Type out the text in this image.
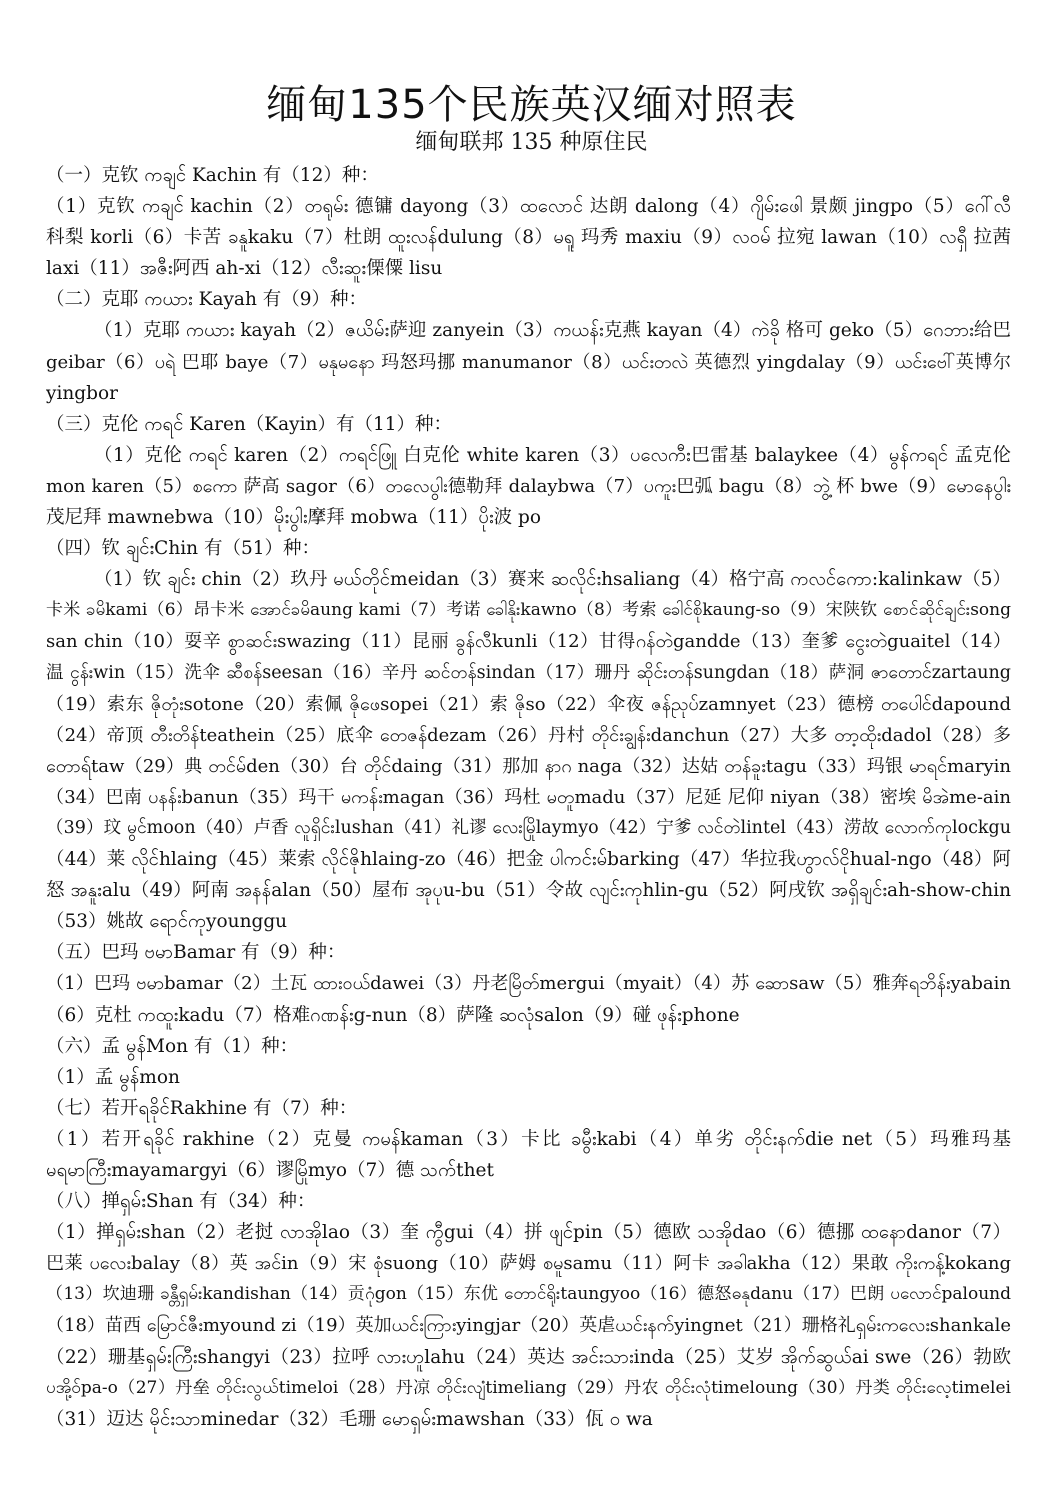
缅甸135个民族英汉缅对照表
缅甸联邦 135 种原住民
（一）克钦 ကချင် Kachin 有（12）种：
（1）克钦 ကချင် kachin（2）တရုမ်း 德镛 dayong（3）ထလောင် 达朗 dalong（4）ဂျိမ်းဖေါ 景颇 jingpo（5）ဂေါ်လီ
科梨 korli（6）卡苦 ခနူkaku（7）杜朗 ထူးလန်dulung（8）မရူ 玛秀 maxiu（9）လဝမ် 拉宛 lawan（10）လရှီ 拉茜
laxi（11）အဇီး阿西 ah-xi（12）လီးဆူး傈僳 lisu
（二）克耶 ကယား Kayah 有（9）种：
（1）克耶 ကယား kayah（2）ဇယိမ်း萨迎 zanyein（3）ကယန်း克燕 kayan（4）ကဲခို 格可 geko（5）ဂေဘား给巴
geibar（6）ပရဲ 巴耶 baye（7）မနုမနော 玛怒玛挪 manumanor（8）ယင်းတလဲ 英德烈 yingdalay（9）ယင်းဗေါ်英博尔
yingbor
（三）克伦 ကရင် Karen（Kayin）有（11）种：
（1）克伦 ကရင် karen（2）ကရင်ဖြူ 白克伦 white karen（3）ပလေကီး巴雷基 balaykee（4）မွန်ကရင် 孟克伦
mon karen（5）စကော 萨高 sagor（6）တလေပွါး德勒拜 dalaybwa（7）ပကူး巴弧 bagu（8）ဘွဲ့ 杯 bwe（9）မောနေပွါး
茂尼拜 mawnebwa（10）မိုးပွါး摩拜 mobwa（11）ပိုး波 po
（四）钦 ချင်းChin 有（51）种：
（1）钦 ချင်း chin（2）玖丹 မယ်တိုင်meidan（3）赛来 ဆလိုင်းhsaliang（4）格宁高 ကလင်ကော:kalinkaw（5）
卡米 ခမိkami（6）昂卡米 အောင်ခမိaung kami（7）考诺 ခေါနိုးkawno（8）考索 ခေါင်စိုkaung-so（9）宋陕钦 စောင်ဆိုင်ချင်းsong
san chin（10）耍辛 စွာဆင်းswazing（11）昆丽 ခွန်လီkunli（12）甘得ဂန်တဲgandde（13）奎爹 ငွေးတဲguaitel（14）
温 ငွန်းwin（15）洗伞 ဆီစန်seesan（16）辛丹 ဆင်တန်sindan（17）珊丹 ဆိုင်းတန်sungdan（18）萨洞 ဇာတောင်zartaung
（19）索东 ဇိုတုံးsotone（20）索佩 ဇိုဖေsopei（21）索 ဇိုso（22）伞夜 ဇန်ညုပ်zamnyet（23）德榜 တပေါင်dapound
（24）帝顶 တီးတိန်teathein（25）底伞 တေဇန်dezam（26）丹村 တိုင်းချွန်းdanchun（27）大多 တာ့ထိုးdadol（28）多
တောရ်taw（29）典 တင်မ်den（30）台 တိုင်daing（31）那加 နာဂ naga（32）达姑 တန်ခူးtagu（33）玛银 မာရင်maryin
（34）巴南 ပနန်းbanun（35）玛干 မကန်းmagan（36）玛杜 မတူmadu（37）尼延 尼仰 niyan（38）密埃 မိအဲme-ain
（39）玟 မွင်moon（40）卢香 လူရှိင်းlushan（41）礼谬 လေးမြိုlaymyo（42）宁爹 လင်တဲlintel（43）涝故 လောက်ကုlockgu
（44）莱 လိုင်hlaing（45）莱索 လိုင်ဇိုhlaing-zo（46）把金 ပါကင်းမ်barking（47）华拉我ဟွာလ်ငိုhual-ngo（48）阿
怒 အနူးalu（49）阿南 အနန်alan（50）屋布 အုပုu-bu（51）令故 လျင်းကုhlin-gu（52）阿戌钦 အရှိချင်းah-show-chin
（53）姚故 ရောင်ကုyounggu
（五）巴玛 ဗမာBamar 有（9）种：
（1）巴玛 ဗမာbamar（2）土瓦 ထားဝယ်dawei（3）丹老မြိတ်mergui（myait）（4）苏 ဆောsaw（5）雅奔ရဘိန်းyabain
（6）克杜 ကထူးkadu（7）格难ဂဏန်းg-nun（8）萨隆 ဆလုံsalon（9）碰 ဖုန်းphone
（六）孟 မွန်Mon 有（1）种：
（1）孟 မွန်mon
（七）若开ရခိုင်Rakhine 有（7）种：
（1）若开ရခိုင် rakhine（2）克曼 ကမန်kaman（3）卡比 ခမွီးkabi（4）单劣 တိုင်းနက်die net（5）玛雅玛基
မရမာကြီးmayamargyi（6）谬မြိုmyo（7）德 သက်thet
（八）掸ရှမ်းShan 有（34）种：
（1）掸ရှမ်းshan（2）老挝 လာအိုlao（3）奎 ကွီgui（4）拼 ဖျင်pin（5）德欧 သအိုdao（6）德挪 ထနောdanor（7）
巴莱 ပလေးbalay（8）英 အင်in（9）宋 စုံsuong（10）萨姆 စမူsamu（11）阿卡 အခါakha（12）果敢 ကိုးကန့်kokang
（13）坎迪珊 ခန္တီရှမ်းkandishan（14）贡ဂုံgon（15）东优 တောင်ရိုးtaungyoo（16）德怒ဓနုdanu（17）巴朗 ပလောင်palound
（18）苗西 မြောင်ဇီးmyound zi（19）英加ယင်းကြားyingjar（20）英虐ယင်းနက်yingnet（21）珊格礼ရှမ်းကလေးshankale
（22）珊基ရှမ်းကြီးshangyi（23）拉呼 လားဟူlahu（24）英达 အင်းသားinda（25）艾岁 အိုက်ဆွယ်ai swe（26）勃欧
ပအို့ဝ်pa-o（27）丹垒 တိုင်းလွယ်timeloi（28）丹凉 တိုင်းလျံtimeliang（29）丹农 တိုင်းလုံtimeloung（30）丹类 တိုင်းလေ့timelei
（31）迈达 မိုင်းသာminedar（32）毛珊 မောရှမ်းmawshan（33）佤 ဝ wa
